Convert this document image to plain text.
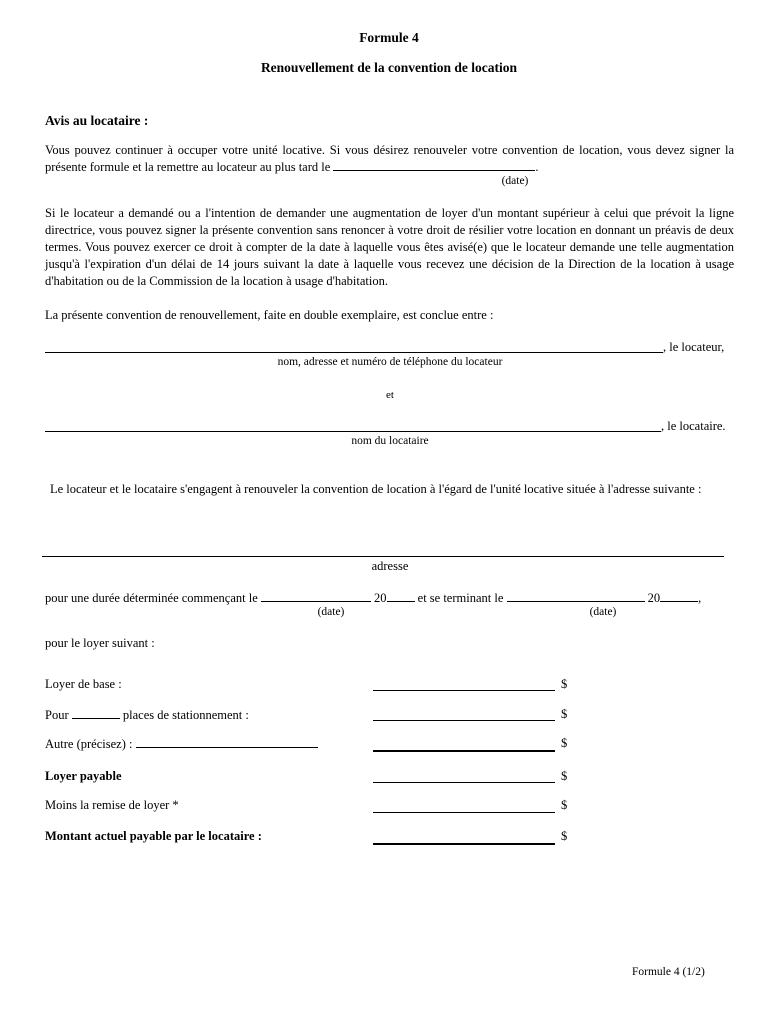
Formule 4
Renouvellement de la convention de location
Avis au locataire :
Vous pouvez continuer à occuper votre unité locative. Si vous désirez renouveler votre convention de location, vous devez signer la présente formule et la remettre au locateur au plus tard le	.
(date)
Si le locateur a demandé ou a l'intention de demander une augmentation de loyer d'un montant supérieur à celui que prévoit la ligne directrice, vous pouvez signer la présente convention sans renoncer à votre droit de résilier votre location en donnant un préavis de deux termes. Vous pouvez exercer ce droit à compter de la date à laquelle vous êtes avisé(e) que le locateur demande une telle augmentation jusqu'à l'expiration d'un délai de 14 jours suivant la date à laquelle vous recevez une décision de la Direction de la location à usage d'habitation ou de la Commission de la location à usage d'habitation.
La présente convention de renouvellement, faite en double exemplaire, est conclue entre :
, le locateur,
nom, adresse et numéro de téléphone du locateur
et
, le locataire.
nom du locataire
Le locateur et le locataire s'engagent à renouveler la convention de location à l'égard de l'unité locative située à l'adresse suivante :
adresse
pour une durée déterminée commençant le	20 et se terminant le	20	,
(date)	(date)
pour le loyer suivant :
Loyer de base :	$
Pour	places de stationnement :	$
Autre (précisez) :	$
Loyer payable	$
Moins la remise de loyer *	$
Montant actuel payable par le locataire :	$
Formule 4 (1/2)
